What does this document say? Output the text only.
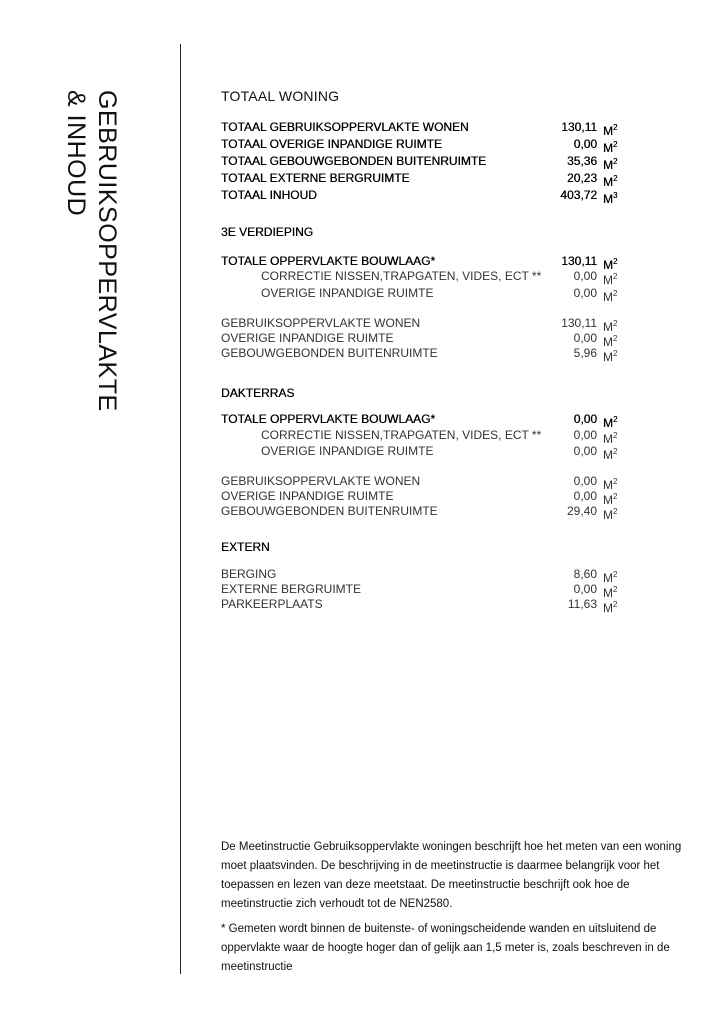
GEBRUIKSOPPERVLAKTE
& INHOUD	TOTAAL WONING
TOTAAL GEBRUIKSOPPERVLAKTE WONEN	130,11 $M^2$
TOTAAL OVERIGE INPANDIGE RUIMTE	0,00 $M^2$
TOTAAL GEBOUWGEBONDEN BUITENRUIMTE	35,36 $M^2$
TOTAAL EXTERNE BERGRUIMTE	20,23 $M^2$
TOTAAL INHOUD	403,72 $M^3$
3E VERDIEPING
TOTALE OPPERVLAKTE BOUWLAAG*	130,11 $M^2$
CORRECTIE NISSEN,TRAPGATEN, VIDES, ECT **	0,00 $M^2$
OVERIGE INPANDIGE RUIMTE	0,00 $M^2$
GEBRUIKSOPPERVLAKTE WONEN	130,11 $M^2$
OVERIGE INPANDIGE RUIMTE	0,00 $M^2$
GEBOUWGEBONDEN BUITENRUIMTE	5,96 $M^2$
DAKTERRAS
TOTALE OPPERVLAKTE BOUWLAAG*	0,00 $M^2$
CORRECTIE NISSEN,TRAPGATEN, VIDES, ECT **	0,00 $M^2$
OVERIGE INPANDIGE RUIMTE	0,00 $M^2$
GEBRUIKSOPPERVLAKTE WONEN	0,00 $M^2$
OVERIGE INPANDIGE RUIMTE	0,00 $M^2$
GEBOUWGEBONDEN BUITENRUIMTE	29,40 $M^2$
EXTERN
BERGING	8,60 $M^2$
EXTERNE BERGRUIMTE	0,00 $M^2$
PARKEERPLAATS	11,63 $M^2$

De Meetinstructie Gebruiksoppervlakte woningen beschrijft hoe het meten van een woning moet plaatsvinden. De beschrijving in de meetinstructie is daarmee belangrijk voor het toepassen en lezen van deze meetstaat. De meetinstructie beschrijft ook hoe de meetinstructie zich verhoudt tot de NEN2580.

* Gemeten wordt binnen de buitenste- of woningscheidende wanden en uitsluitend de oppervlakte waar de hoogte hoger dan of gelijk aan 1,5 meter is, zoals beschreven in de meetinstructie
